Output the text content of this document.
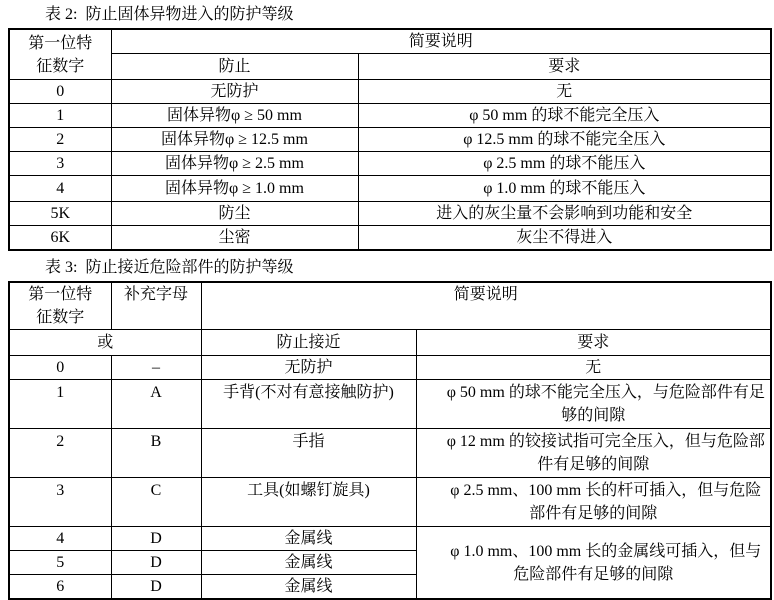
表 2:  防止固体异物进入的防护等级
第一位特
征数字	简要说明	
	防止	要求
0	无防护	无
1	固体异物φ ≥ 50 mm	φ 50 mm 的球不能完全压入
2	固体异物φ ≥ 12.5 mm	φ 12.5 mm 的球不能完全压入
3	固体异物φ ≥ 2.5 mm	φ 2.5 mm 的球不能压入
4	固体异物φ ≥ 1.0 mm	φ 1.0 mm 的球不能压入
5K	防尘	进入的灰尘量不会影响到功能和安全
6K	尘密	灰尘不得进入
表 3:  防止接近危险部件的防护等级
第一位特
征数字	补充字母	简要说明	
或		防止接近	要求
0	–	无防护	无
1	A	手背(不对有意接触防护)	φ 50 mm 的球不能完全压入，与危险部件有足够的间隙
2	B	手指	φ 12 mm 的铰接试指可完全压入，但与危险部件有足够的间隙
3	C	工具(如螺钉旋具)	φ 2.5 mm、100 mm 长的杆可插入，但与危险部件有足够的间隙
4	D	金属线	φ 1.0 mm、100 mm 长的金属线可插入，但与危险部件有足够的间隙
5	D	金属线	
6	D	金属线	
